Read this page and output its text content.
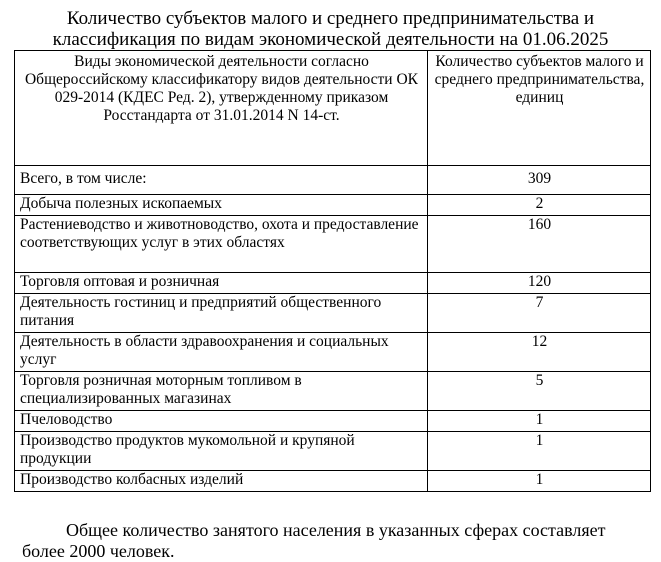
Количество субъектов малого и среднего предпринимательства и
классификация по видам экономической деятельности на 01.06.2025
Виды экономической деятельности согласно Общероссийскому классификатору видов деятельности ОК 029-2014 (КДЕС Ред. 2), утвержденному приказом Росстандарта от 31.01.2014 N 14-ст.	Количество субъектов малого и среднего предпринимательства, единиц
Всего, в том числе:	309
Добыча полезных ископаемых	2
Растениеводство и животноводство, охота и предоставление соответствующих услуг в этих областях	160
Торговля оптовая и розничная	120
Деятельность гостиниц и предприятий общественного питания	7
Деятельность в области здравоохранения и социальных услуг	12
Торговля розничная моторным топливом в специализированных магазинах	5
Пчеловодство	1
Производство продуктов мукомольной и крупяной продукции	1
Производство колбасных изделий	1

Общее количество занятого населения в указанных сферах составляет более 2000 человек.
